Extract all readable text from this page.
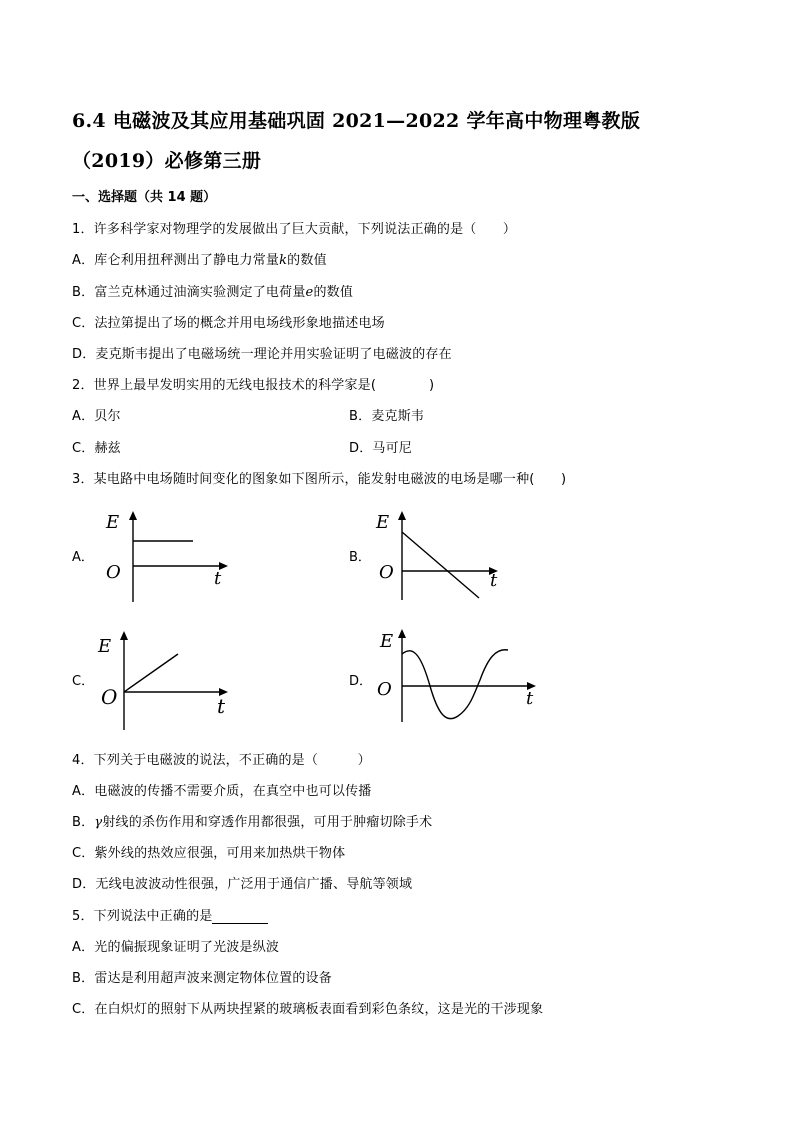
6.4 电磁波及其应用基础巩固 2021—2022 学年高中物理粤教版
（2019）必修第三册
一、选择题（共 14 题）
1．许多科学家对物理学的发展做出了巨大贡献，下列说法正确的是（　　）
A．库仑利用扭秤测出了静电力常量k的数值
B．富兰克林通过油滴实验测定了电荷量e的数值
C．法拉第提出了场的概念并用电场线形象地描述电场
D．麦克斯韦提出了电磁场统一理论并用实验证明了电磁波的存在
2．世界上最早发明实用的无线电报技术的科学家是(　　　　)
A．贝尔	B．麦克斯韦
C．赫兹	D．马可尼
3．某电路中电场随时间变化的图象如下图所示，能发射电磁波的电场是哪一种(　　)
A．
E
O	t
B．
E
O	t
C．
E
O	t
D．
E
O	t
4．下列关于电磁波的说法，不正确的是（　　　）
A．电磁波的传播不需要介质，在真空中也可以传播
B．γ射线的杀伤作用和穿透作用都很强，可用于肿瘤切除手术
C．紫外线的热效应很强，可用来加热烘干物体
D．无线电波波动性很强，广泛用于通信广播、导航等领域
5．下列说法中正确的是
A．光的偏振现象证明了光波是纵波
B．雷达是利用超声波来测定物体位置的设备
C．在白炽灯的照射下从两块捏紧的玻璃板表面看到彩色条纹，这是光的干涉现象
